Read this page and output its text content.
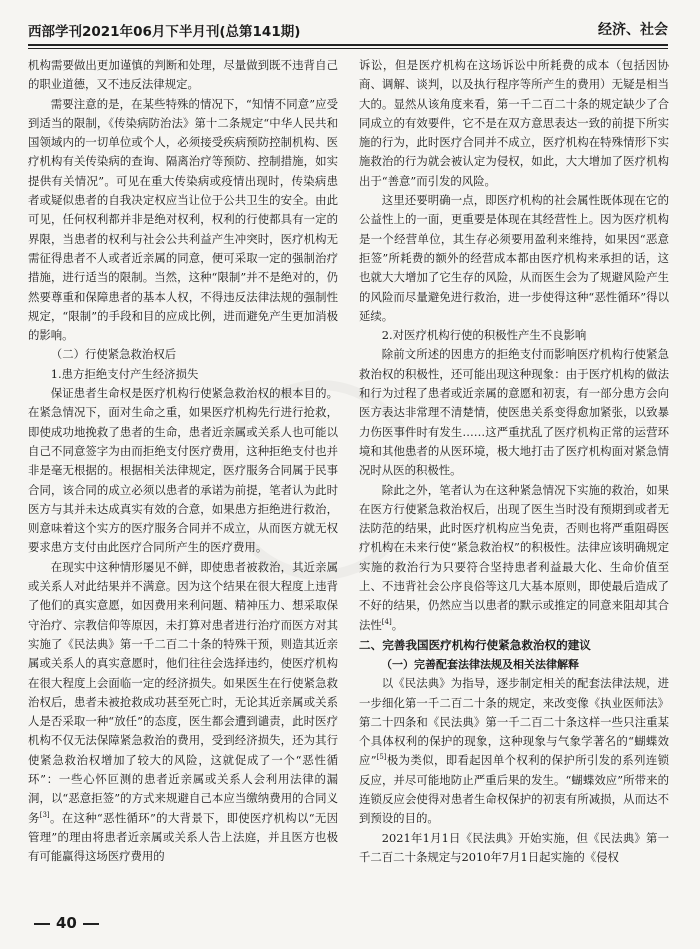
西部学刊2021年06月下半月刊(总第141期)	经济、社会

机构需要做出更加谨慎的判断和处理，尽量做到既不违背自己的职业道德，又不违反法律规定。

需要注意的是，在某些特殊的情况下，“知情不同意”应受到适当的限制，《传染病防治法》第十二条规定“中华人民共和国领域内的一切单位或个人，必须接受疾病预防控制机构、医疗机构有关传染病的查询、隔离治疗等预防、控制措施，如实提供有关情况”。可见在重大传染病或疫情出现时，传染病患者或疑似患者的自我决定权应当让位于公共卫生的安全。由此可见，任何权利都并非是绝对权利，权利的行使都具有一定的界限，当患者的权利与社会公共利益产生冲突时，医疗机构无需征得患者不人或者近亲属的同意，便可采取一定的强制治疗措施，进行适当的限制。当然，这种“限制”并不是绝对的，仍然要尊重和保障患者的基本人权，不得违反法律法规的强制性规定，“限制”的手段和目的应成比例，进而避免产生更加消极的影响。

（二）行使紧急救治权后
1.患方拒绝支付产生经济损失

保证患者生命权是医疗机构行使紧急救治权的根本目的。在紧急情况下，面对生命之重，如果医疗机构先行进行抢救，即使成功地挽救了患者的生命，患者近亲属或关系人也可能以自己不同意签字为由而拒绝支付医疗费用，这种拒绝支付也并非是毫无根据的。根据相关法律规定，医疗服务合同属于民事合同，该合同的成立必须以患者的承诺为前提，笔者认为此时医方与其并未达成真实有效的合意，如果患方拒绝进行救治，则意味着这个实方的医疗服务合同并不成立，从而医方就无权要求患方支付由此医疗合同所产生的医疗费用。

在现实中这种情形屡见不鲜，即使患者被救治，其近亲属或关系人对此结果并不满意。因为这个结果在很大程度上违背了他们的真实意愿，如因费用来利问题、精神压力、想采取保守治疗、宗教信仰等原因，未打算对患者进行治疗而医方对其实施了《民法典》第一千二百二十条的特殊干预，则造其近亲属或关系人的真实意愿时，他们往往会选择违约，使医疗机构在很大程度上会面临一定的经济损失。如果医生在行使紧急救治权后，患者未被抢救成功甚至死亡时，无论其近亲属或关系人是否采取一种“放任”的态度，医生都会遭到谴责，此时医疗机构不仅无法保障紧急救治的费用，受到经济损失，还为其行使紧急救治权增加了较大的风险，这就促成了一个“恶性循环”：一些心怀叵测的患者近亲属或关系人会利用法律的漏洞，以“恶意拒签”的方式来规避自己本应当缴纳费用的合同义务[3]。在这种“恶性循环”的大背景下，即使医疗机构以“无因管理”的理由将患者近亲属或关系人告上法庭，并且医方也极有可能赢得这场医疗费用的

诉讼，但是医疗机构在这场诉讼中所耗费的成本（包括因协商、调解、谈判，以及执行程序等所产生的费用）无疑是相当大的。显然从该角度来看，第一千二百二十条的规定缺少了合同成立的有效要件，它不是在双方意思表达一致的前提下所实施的行为，此时医疗合同并不成立，医疗机构在特殊情形下实施救治的行为就会被认定为侵权，如此，大大增加了医疗机构出于“善意”而引发的风险。

这里还要明确一点，即医疗机构的社会属性既体现在它的公益性上的一面，更重要是体现在其经营性上。因为医疗机构是一个经营单位，其生存必须要用盈利来维持，如果因“恶意拒签”所耗费的额外的经营成本都由医疗机构来承担的话，这也就大大增加了它生存的风险，从而医生会为了规避风险产生的风险而尽量避免进行救治，进一步使得这种“恶性循环”得以延续。

2.对医疗机构行使的积极性产生不良影响

除前文所述的因患方的拒绝支付而影响医疗机构行使紧急救治权的积极性，还可能出现这种现象：由于医疗机构的做法和行为过程了患者或近亲属的意愿和初衷，有一部分患方会向医方表达非常理不清楚情，使医患关系变得愈加紧张，以致暴力伤医事件时有发生……这严重扰乱了医疗机构正常的运营环境和其他患者的从医环境，极大地打击了医疗机构面对紧急情况时从医的积极性。

除此之外，笔者认为在这种紧急情况下实施的救治，如果在医方行使紧急救治权后，出现了医生当时没有预期到或者无法防范的结果，此时医疗机构应当免责，否则也将严重阻碍医疗机构在未来行使“紧急救治权”的积极性。法律应该明确规定实施的救治行为只要符合坚持患者利益最大化、生命价值至上、不违背社会公序良俗等这几大基本原则，即使最后造成了不好的结果，仍然应当以患者的默示或推定的同意来阻却其合法性[4]。

二、完善我国医疗机构行使紧急救治权的建议
（一）完善配套法律法规及相关法律解释

以《民法典》为指导，逐步制定相关的配套法律法规，进一步细化第一千二百二十条的规定，来改变像《执业医师法》第二十四条和《民法典》第一千二百二十条这样一些只注重某个具体权利的保护的现象，这种现象与气象学著名的“蝴蝶效应”[5]极为类似，即看起因单个权利的保护所引发的系列连锁反应，并尽可能地防止严重后果的发生。“蝴蝶效应”所带来的连锁反应会使得对患者生命权保护的初衷有所减损，从而达不到预设的目的。

2021年1月1日《民法典》开始实施，但《民法典》第一千二百二十条规定与2010年7月1日起实施的《侵权

40
